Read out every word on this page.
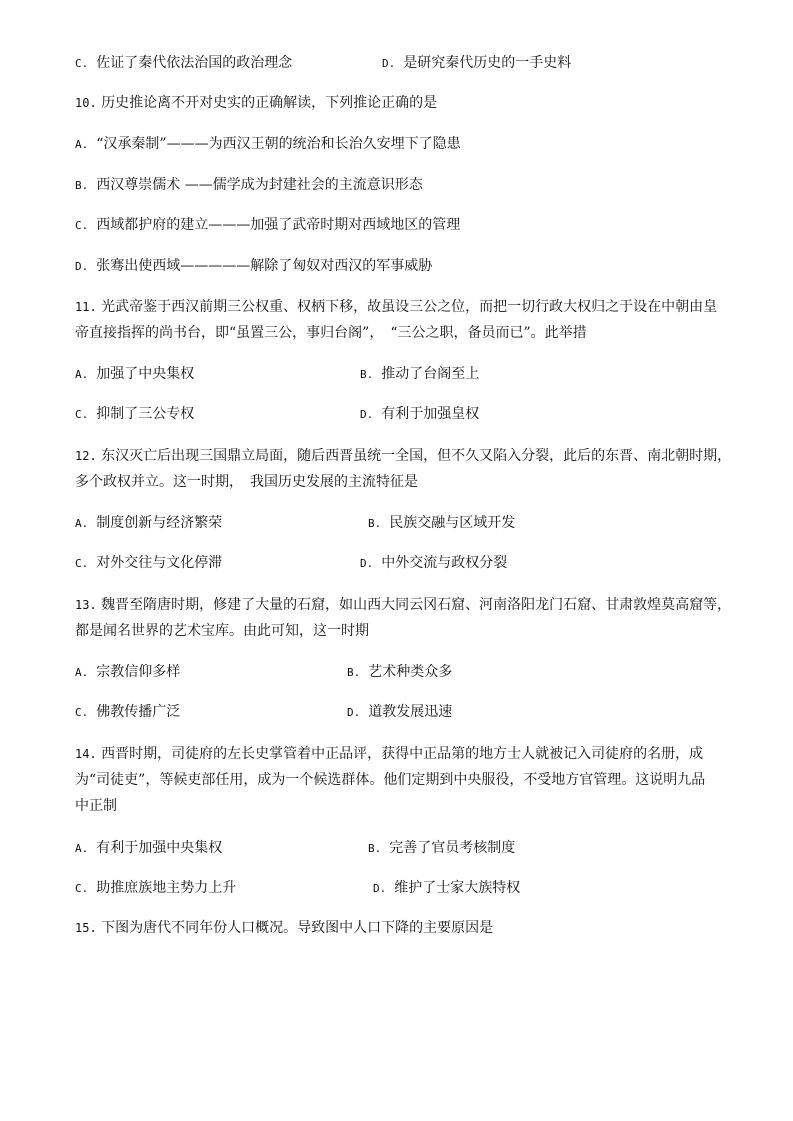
C. 佐证了秦代依法治国的政治理念	D. 是研究秦代历史的一手史料
10. 历史推论离不开对史实的正确解读，下列推论正确的是
A. “汉承秦制”———为西汉王朝的统治和长治久安埋下了隐患
B. 西汉尊崇儒术 ——儒学成为封建社会的主流意识形态
C. 西域都护府的建立———加强了武帝时期对西域地区的管理
D. 张骞出使西域—————解除了匈奴对西汉的军事威胁
11. 光武帝鉴于西汉前期三公权重、权柄下移，故虽设三公之位，而把一切行政大权归之于设在中朝由皇
帝直接指挥的尚书台，即“虽置三公，事归台阁”，　“三公之职，备员而已”。此举措
A. 加强了中央集权	B. 推动了台阁至上
C. 抑制了三公专权	D. 有利于加强皇权
12. 东汉灭亡后出现三国鼎立局面，随后西晋虽统一全国，但不久又陷入分裂，此后的东晋、南北朝时期，
多个政权并立。这一时期，　我国历史发展的主流特征是
A. 制度创新与经济繁荣	B. 民族交融与区域开发
C. 对外交往与文化停滞	D. 中外交流与政权分裂
13. 魏晋至隋唐时期，修建了大量的石窟，如山西大同云冈石窟、河南洛阳龙门石窟、甘肃敦煌莫高窟等，
都是闻名世界的艺术宝库。由此可知，这一时期
A. 宗教信仰多样	B. 艺术种类众多
C. 佛教传播广泛	D. 道教发展迅速
14. 西晋时期，司徒府的左长史掌管着中正品评，获得中正品第的地方士人就被记入司徒府的名册，成
为“司徒吏”，等候吏部任用，成为一个候选群体。他们定期到中央服役，不受地方官管理。这说明九品
中正制
A. 有利于加强中央集权	B. 完善了官员考核制度
C. 助推庶族地主势力上升	D. 维护了士家大族特权
15. 下图为唐代不同年份人口概况。导致图中人口下降的主要原因是
